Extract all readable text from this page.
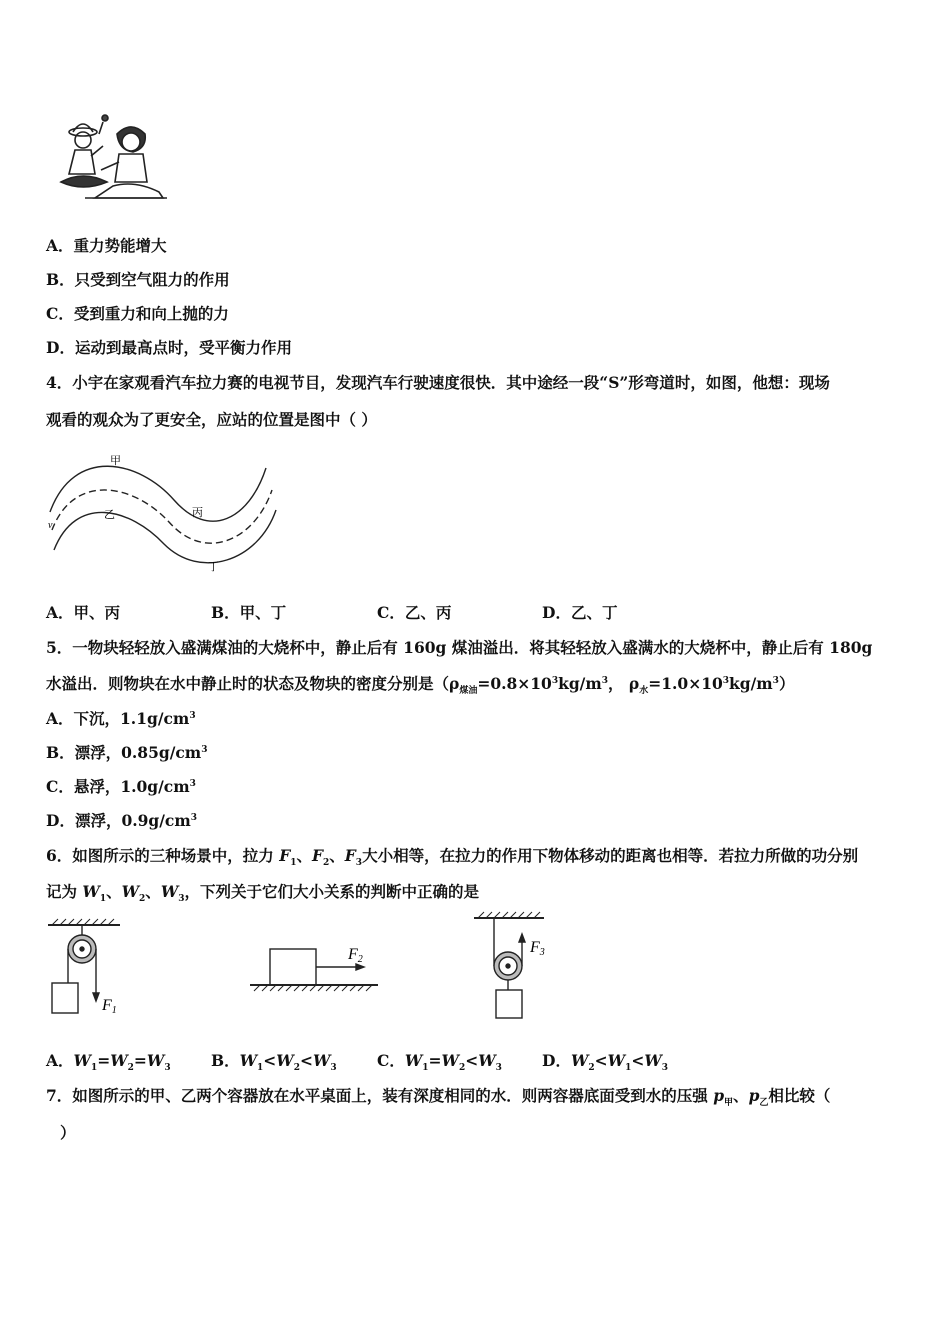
A．重力势能增大
B．只受到空气阻力的作用
C．受到重力和向上抛的力
D．运动到最高点时，受平衡力作用
4．小宇在家观看汽车拉力赛的电视节目，发现汽车行驶速度很快．其中途经一段“S”形弯道时，如图，他想：现场
观看的观众为了更安全，应站的位置是图中（ ）
甲
乙	丙
丁
v
A．甲、丙	B．甲、丁	C．乙、丙	D．乙、丁
5．一物块轻轻放入盛满煤油的大烧杯中，静止后有 160g 煤油溢出．将其轻轻放入盛满水的大烧杯中，静止后有 180g
水溢出．则物块在水中静止时的状态及物块的密度分别是（$\rho_{煤油}=0.8\times 10^3kg/m^3$， $\rho_水=1.0\times 10^3kg/m^3$）
A．下沉，$1.1g/cm^3$
B．漂浮，$0.85g/cm^3$
C．悬浮，$1.0g/cm^3$
D．漂浮，$0.9g/cm^3$
6．如图所示的三种场景中，拉力 $F_1$、$F_2$、$F_3$大小相等，在拉力的作用下物体移动的距离也相等．若拉力所做的功分别
记为 $W_1$、$W_2$、$W_3$，下列关于它们大小关系的判断中正确的是
F1
F2
F3
A．$W_1=W_2=W_3$	B．$W_1<W_2<W_3$	C．$W_1=W_2<W_3$	D．$W_2<W_1<W_3$
7．如图所示的甲、乙两个容器放在水平桌面上，装有深度相同的水．则两容器底面受到水的压强 $p_甲$、$p_乙$相比较（
）
